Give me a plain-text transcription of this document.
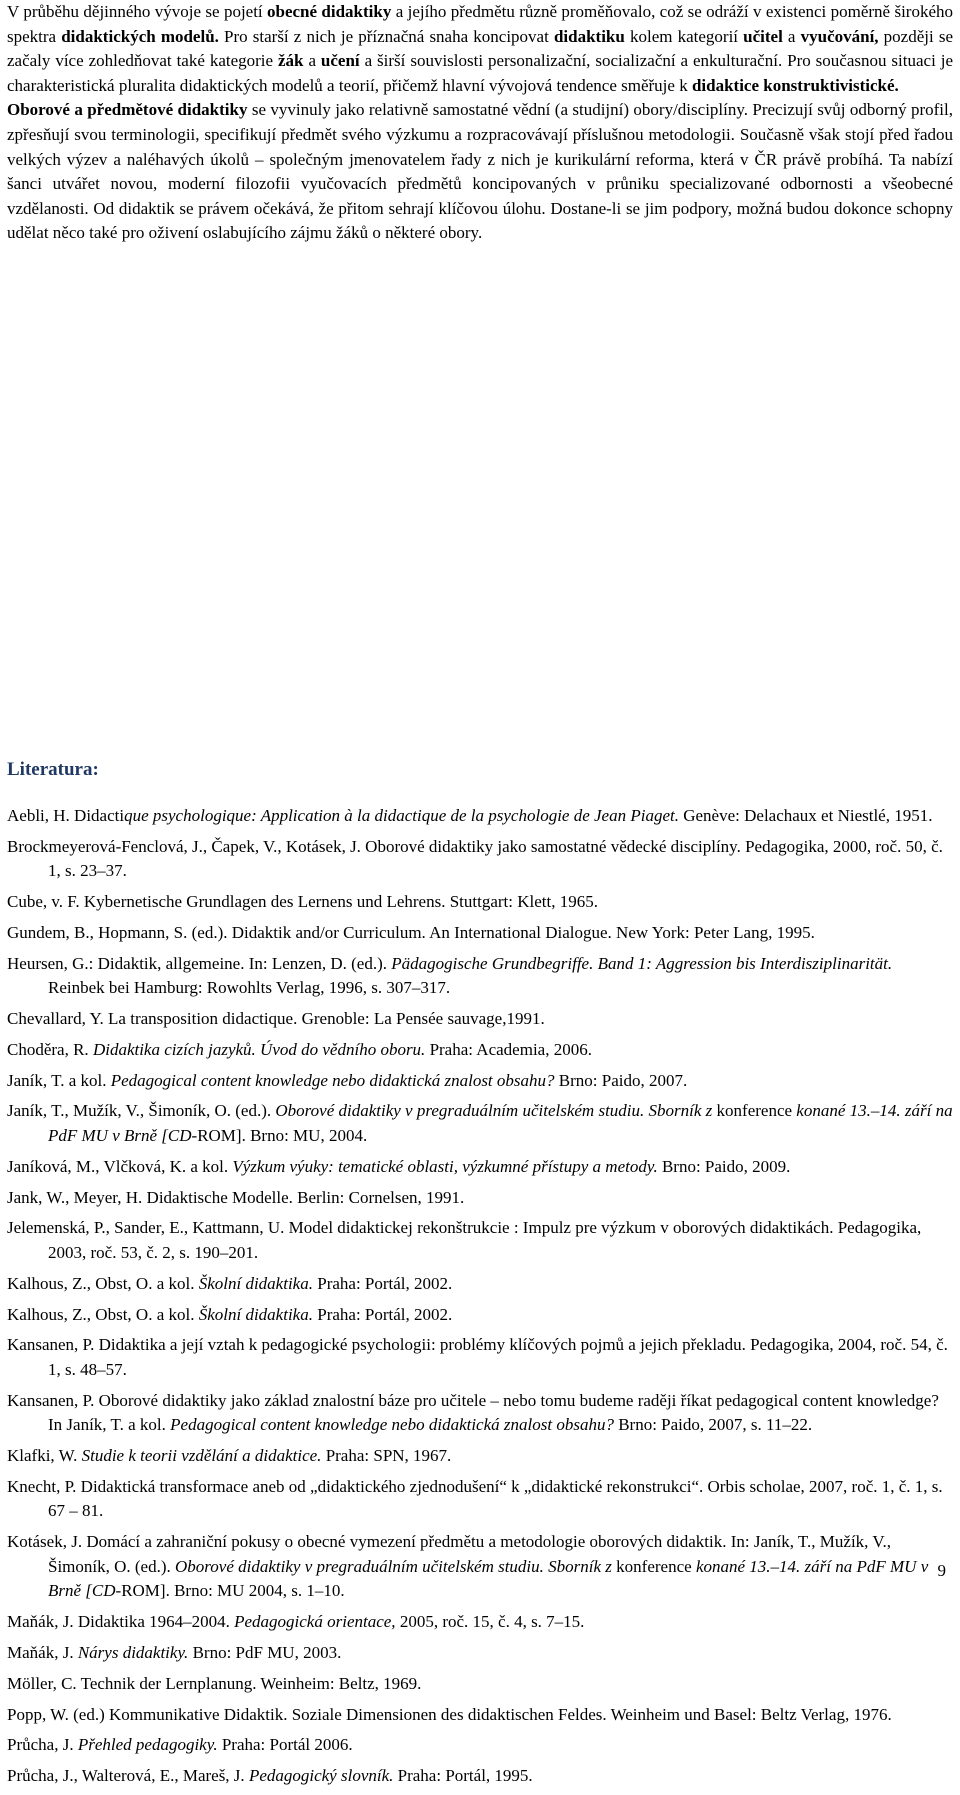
V průběhu dějinného vývoje se pojetí obecné didaktiky a jejího předmětu různě proměňovalo, což se odráží v existenci poměrně širokého spektra didaktických modelů. Pro starší z nich je příznačná snaha koncipovat didaktiku kolem kategorií učitel a vyučování, později se začaly více zohledňovat také kategorie žák a učení a širší souvislosti personalizační, socializační a enkulturační. Pro současnou situaci je charakteristická pluralita didaktických modelů a teorií, přičemž hlavní vývojová tendence směřuje k didaktice konstruktivistické.

Oborové a předmětové didaktiky se vyvinuly jako relativně samostatné vědní (a studijní) obory/disciplíny. Precizují svůj odborný profil, zpřesňují svou terminologii, specifikují předmět svého výzkumu a rozpracovávají příslušnou metodologii. Současně však stojí před řadou velkých výzev a naléhavých úkolů – společným jmenovatelem řady z nich je kurikulární reforma, která v ČR právě probíhá. Ta nabízí šanci utvářet novou, moderní filozofii vyučovacích předmětů koncipovaných v průniku specializované odbornosti a všeobecné vzdělanosti. Od didaktik se právem očekává, že přitom sehrají klíčovou úlohu. Dostane-li se jim podpory, možná budou dokonce schopny udělat něco také pro oživení oslabujícího zájmu žáků o některé obory.

Literatura:
Aebli, H. Didactique psychologique: Application à la didactique de la psychologie de Jean Piaget. Genève: Delachaux et Niestlé, 1951.
Brockmeyerová-Fenclová, J., Čapek, V., Kotásek, J. Oborové didaktiky jako samostatné vědecké disciplíny. Pedagogika, 2000, roč. 50, č. 1, s. 23–37.
Cube, v. F. Kybernetische Grundlagen des Lernens und Lehrens. Stuttgart: Klett, 1965.
Gundem, B., Hopmann, S. (ed.). Didaktik and/or Curriculum. An International Dialogue. New York: Peter Lang, 1995.
Heursen, G.: Didaktik, allgemeine. In: Lenzen, D. (ed.). Pädagogische Grundbegriffe. Band 1: Aggression bis Interdisziplinarität. Reinbek bei Hamburg: Rowohlts Verlag, 1996, s. 307–317.
Chevallard, Y. La transposition didactique. Grenoble: La Pensée sauvage,1991.
Choděra, R. Didaktika cizích jazyků. Úvod do vědního oboru. Praha: Academia, 2006.
Janík, T. a kol. Pedagogical content knowledge nebo didaktická znalost obsahu? Brno: Paido, 2007.
Janík, T., Mužík, V., Šimoník, O. (ed.). Oborové didaktiky v pregraduálním učitelském studiu. Sborník z konference konané 13.–14. září na PdF MU v Brně [CD-ROM]. Brno: MU, 2004.
Janíková, M., Vlčková, K. a kol. Výzkum výuky: tematické oblasti, výzkumné přístupy a metody. Brno: Paido, 2009.
Jank, W., Meyer, H. Didaktische Modelle. Berlin: Cornelsen, 1991.
Jelemenská, P., Sander, E., Kattmann, U. Model didaktickej rekonštrukcie : Impulz pre výzkum v oborových didaktikách. Pedagogika, 2003, roč. 53, č. 2, s. 190–201.
Kalhous, Z., Obst, O. a kol. Školní didaktika. Praha: Portál, 2002.
Kalhous, Z., Obst, O. a kol. Školní didaktika. Praha: Portál, 2002.
Kansanen, P. Didaktika a její vztah k pedagogické psychologii: problémy klíčových pojmů a jejich překladu. Pedagogika, 2004, roč. 54, č. 1, s. 48–57.
Kansanen, P. Oborové didaktiky jako základ znalostní báze pro učitele – nebo tomu budeme raději říkat pedagogical content knowledge? In Janík, T. a kol. Pedagogical content knowledge nebo didaktická znalost obsahu? Brno: Paido, 2007, s. 11–22.
Klafki, W. Studie k teorii vzdělání a didaktice. Praha: SPN, 1967.
Knecht, P. Didaktická transformace aneb od „didaktického zjednodušení“ k „didaktické rekonstrukci“. Orbis scholae, 2007, roč. 1, č. 1, s. 67 – 81.
Kotásek, J. Domácí a zahraniční pokusy o obecné vymezení předmětu a metodologie oborových didaktik. In: Janík, T., Mužík, V., Šimoník, O. (ed.). Oborové didaktiky v pregraduálním učitelském studiu. Sborník z konference konané 13.–14. září na PdF MU v Brně [CD-ROM]. Brno: MU 2004, s. 1–10.
Maňák, J. Didaktika 1964–2004. Pedagogická orientace, 2005, roč. 15, č. 4, s. 7–15.
Maňák, J. Nárys didaktiky. Brno: PdF MU, 2003.
Möller, C. Technik der Lernplanung. Weinheim: Beltz, 1969.
Popp, W. (ed.) Kommunikative Didaktik. Soziale Dimensionen des didaktischen Feldes. Weinheim und Basel: Beltz Verlag, 1976.
Průcha, J. Přehled pedagogiky. Praha: Portál 2006.
Průcha, J., Walterová, E., Mareš, J. Pedagogický slovník. Praha: Portál, 1995.
9
